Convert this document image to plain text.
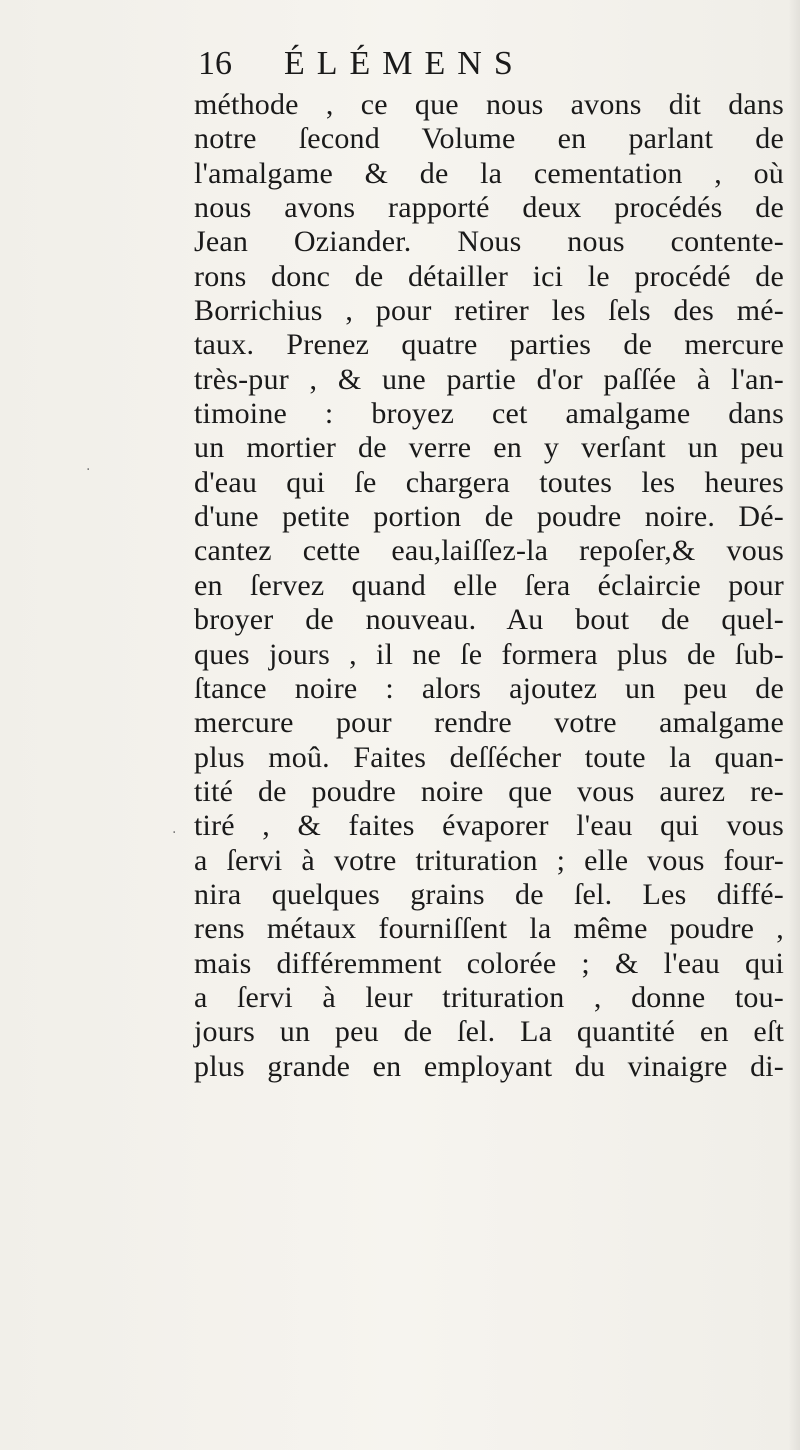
16 ÉLÉMENS
méthode , ce que nous avons dit dans
notre ſecond Volume en parlant de
l'amalgame & de la cementation , où
nous avons rapporté deux procédés de
Jean Oziander. Nous nous contente-
rons donc de détailler ici le procédé de
Borrichius , pour retirer les ſels des mé-
taux. Prenez quatre parties de mercure
très-pur , & une partie d'or paſſée à l'an-
timoine : broyez cet amalgame dans
un mortier de verre en y verſant un peu
d'eau qui ſe chargera toutes les heures
d'une petite portion de poudre noire. Dé-
cantez cette eau,laiſſez-la repoſer,& vous
en ſervez quand elle ſera éclaircie pour
broyer de nouveau. Au bout de quel-
ques jours , il ne ſe formera plus de ſub-
ſtance noire : alors ajoutez un peu de
mercure pour rendre votre amalgame
plus moû. Faites deſſécher toute la quan-
tité de poudre noire que vous aurez re-
tiré , & faites évaporer l'eau qui vous
a ſervi à votre trituration ; elle vous four-
nira quelques grains de ſel. Les diffé-
rens métaux fourniſſent la même poudre ,
mais différemment colorée ; & l'eau qui
a ſervi à leur trituration , donne tou-
jours un peu de ſel. La quantité en eſt
plus grande en employant du vinaigre di-
·
·
